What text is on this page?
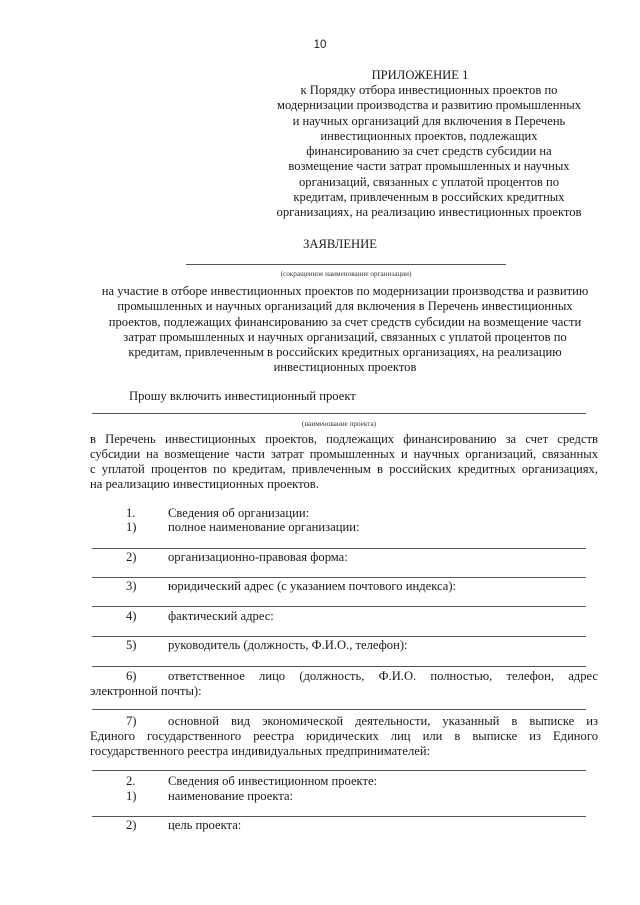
10
ПРИЛОЖЕНИЕ 1
к Порядку отбора инвестиционных проектов по
модернизации производства и развитию промышленных
и научных организаций для включения в Перечень
инвестиционных проектов, подлежащих
финансированию за счет средств субсидии на
возмещение части затрат промышленных и научных
организаций, связанных с уплатой процентов по
кредитам, привлеченным в российских кредитных
организациях, на реализацию инвестиционных проектов
ЗАЯВЛЕНИЕ
(сокращенное наименование организации)
на участие в отборе инвестиционных проектов по модернизации производства и развитию
промышленных и научных организаций для включения в Перечень инвестиционных
проектов, подлежащих финансированию за счет средств субсидии на возмещение части
затрат промышленных и научных организаций, связанных с уплатой процентов по
кредитам, привлеченным в российских кредитных организациях, на реализацию
инвестиционных проектов
Прошу включить инвестиционный проект
(наименование проекта)
в Перечень инвестиционных проектов, подлежащих финансированию за счет средств
субсидии на возмещение части затрат промышленных и научных организаций, связанных
с уплатой процентов по кредитам, привлеченным в российских кредитных организациях,
на реализацию инвестиционных проектов.
1.	Сведения об организации:
1)	полное наименование организации:
2)	организационно-правовая форма:
3)	юридический адрес (с указанием почтового индекса):
4)	фактический адрес:
5)	руководитель (должность, Ф.И.О., телефон):
6)	ответственное лицо (должность, Ф.И.О. полностью, телефон, адрес
электронной почты):
7)	основной вид экономической деятельности, указанный в выписке из
Единого государственного реестра юридических лиц или в выписке из Единого
государственного реестра индивидуальных предпринимателей:
2.	Сведения об инвестиционном проекте:
1)	наименование проекта:
2)	цель проекта:
